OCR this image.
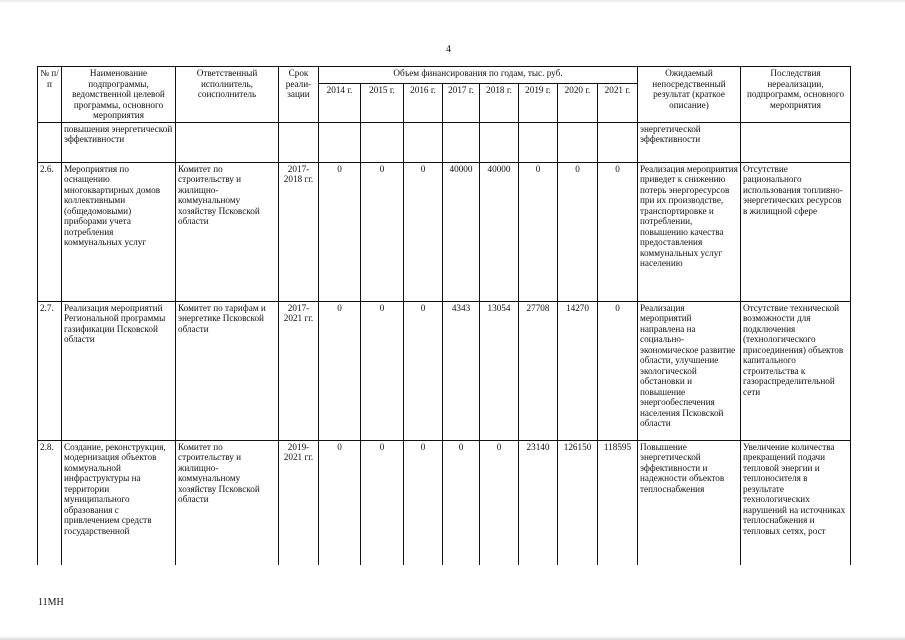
4
№ п/п	Наименование подпрограммы, ведомственной целевой программы, основного мероприятия	Ответственный исполнитель, соисполнитель	Срок реали-зации	Объем финансирования по годам, тыс. руб.								Ожидаемый непосредственный результат (краткое описание)	Последствия нереализации, подпрограмм, основного мероприятия
				2014 г.	2015 г.	2016 г.	2017 г.	2018 г.	2019 г.	2020 г.	2021 г.		
	повышения энергетической эффективности											энергетической эффективности	
2.6.	Мероприятия по оснащению многоквартирных домов коллективными (общедомовыми) приборами учета потребления коммунальных услуг	Комитет по строительству и жилищно-коммунальному хозяйству Псковской области	2017-2018 гг.	0	0	0	40000	40000	0	0	0	Реализация мероприятия приведет к снижению потерь энергоресурсов при их производстве, транспортировке и потреблении, повышению качества предоставления коммунальных услуг населению	Отсутствие рационального использования топливно-энергетических ресурсов в жилищной сфере
2.7.	Реализация мероприятий Региональной программы газификации Псковской области	Комитет по тарифам и энергетике Псковской области	2017-2021 гг.	0	0	0	4343	13054	27708	14270	0	Реализация мероприятий направлена на социально-экономическое развитие области, улучшение экологической обстановки и повышение энергообеспечения населения Псковской области	Отсутствие технической возможности для подключения (технологического присоединения) объектов капитального строительства к газораспределительной сети
2.8.	Создание, реконструкция, модернизация объектов коммунальной инфраструктуры на территории муниципального образования с привлечением средств государственной	Комитет по строительству и жилищно-коммунальному хозяйству Псковской области	2019-2021 гг.	0	0	0	0	0	23140	126150	118595	Повышение энергетической эффективности и надежности объектов теплоснабжения	Увеличение количества прекращений подачи тепловой энергии и теплоносителя в результате технологических нарушений на источниках теплоснабжения и тепловых сетях, рост
11МН
